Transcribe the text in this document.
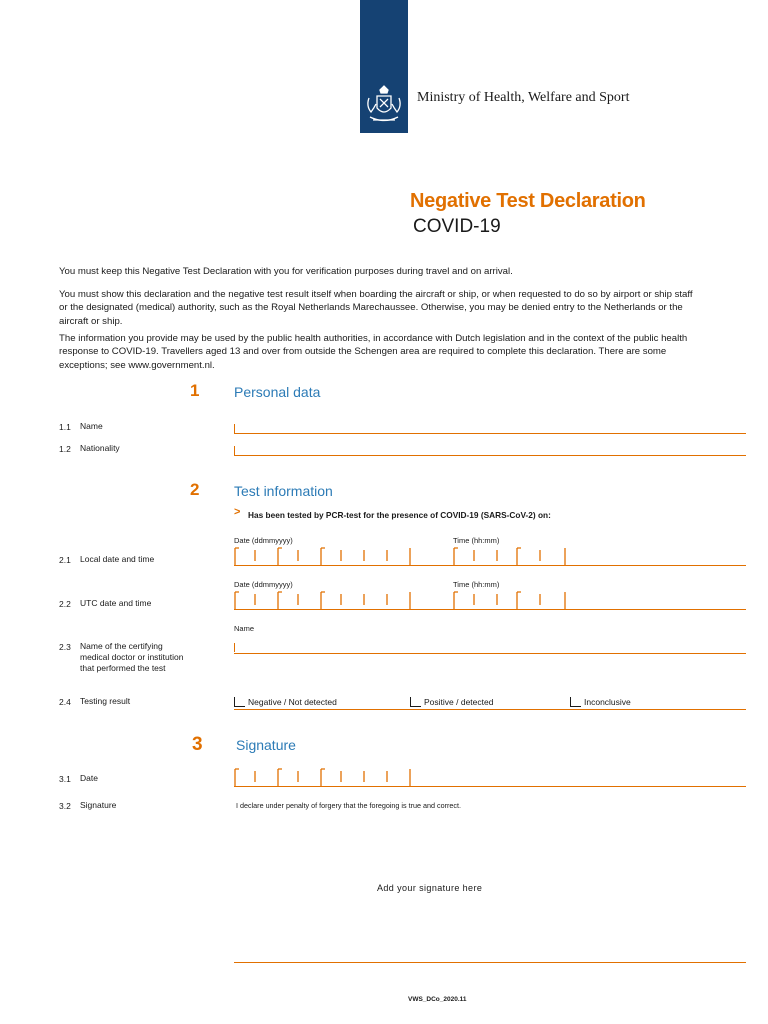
Ministry of Health, Welfare and Sport
Negative Test Declaration
COVID-19
You must keep this Negative Test Declaration with you for verification purposes during travel and on arrival.
You must show this declaration and the negative test result itself when boarding the aircraft or ship, or when requested to do so by airport or ship staff or the designated (medical) authority, such as the Royal Netherlands Marechaussee. Otherwise, you may be denied entry to the Netherlands or the aircraft or ship.
The information you provide may be used by the public health authorities, in accordance with Dutch legislation and in the context of the public health response to COVID-19. Travellers aged 13 and over from outside the Schengen area are required to complete this declaration. There are some exceptions; see www.government.nl.
1 Personal data
1.1 Name
1.2 Nationality
2 Test information
> Has been tested by PCR-test for the presence of COVID-19 (SARS-CoV-2) on:
Date (ddmmyyyy)	Time (hh:mm)
2.1 Local date and time
Date (ddmmyyyy)	Time (hh:mm)
2.2 UTC date and time
Name
2.3 Name of the certifying medical doctor or institution that performed the test
2.4 Testing result	Negative / Not detected	Positive / detected	Inconclusive
3 Signature
3.1 Date
3.2 Signature	I declare under penalty of forgery that the foregoing is true and correct.
Add your signature here
VWS_DCo_2020.11
